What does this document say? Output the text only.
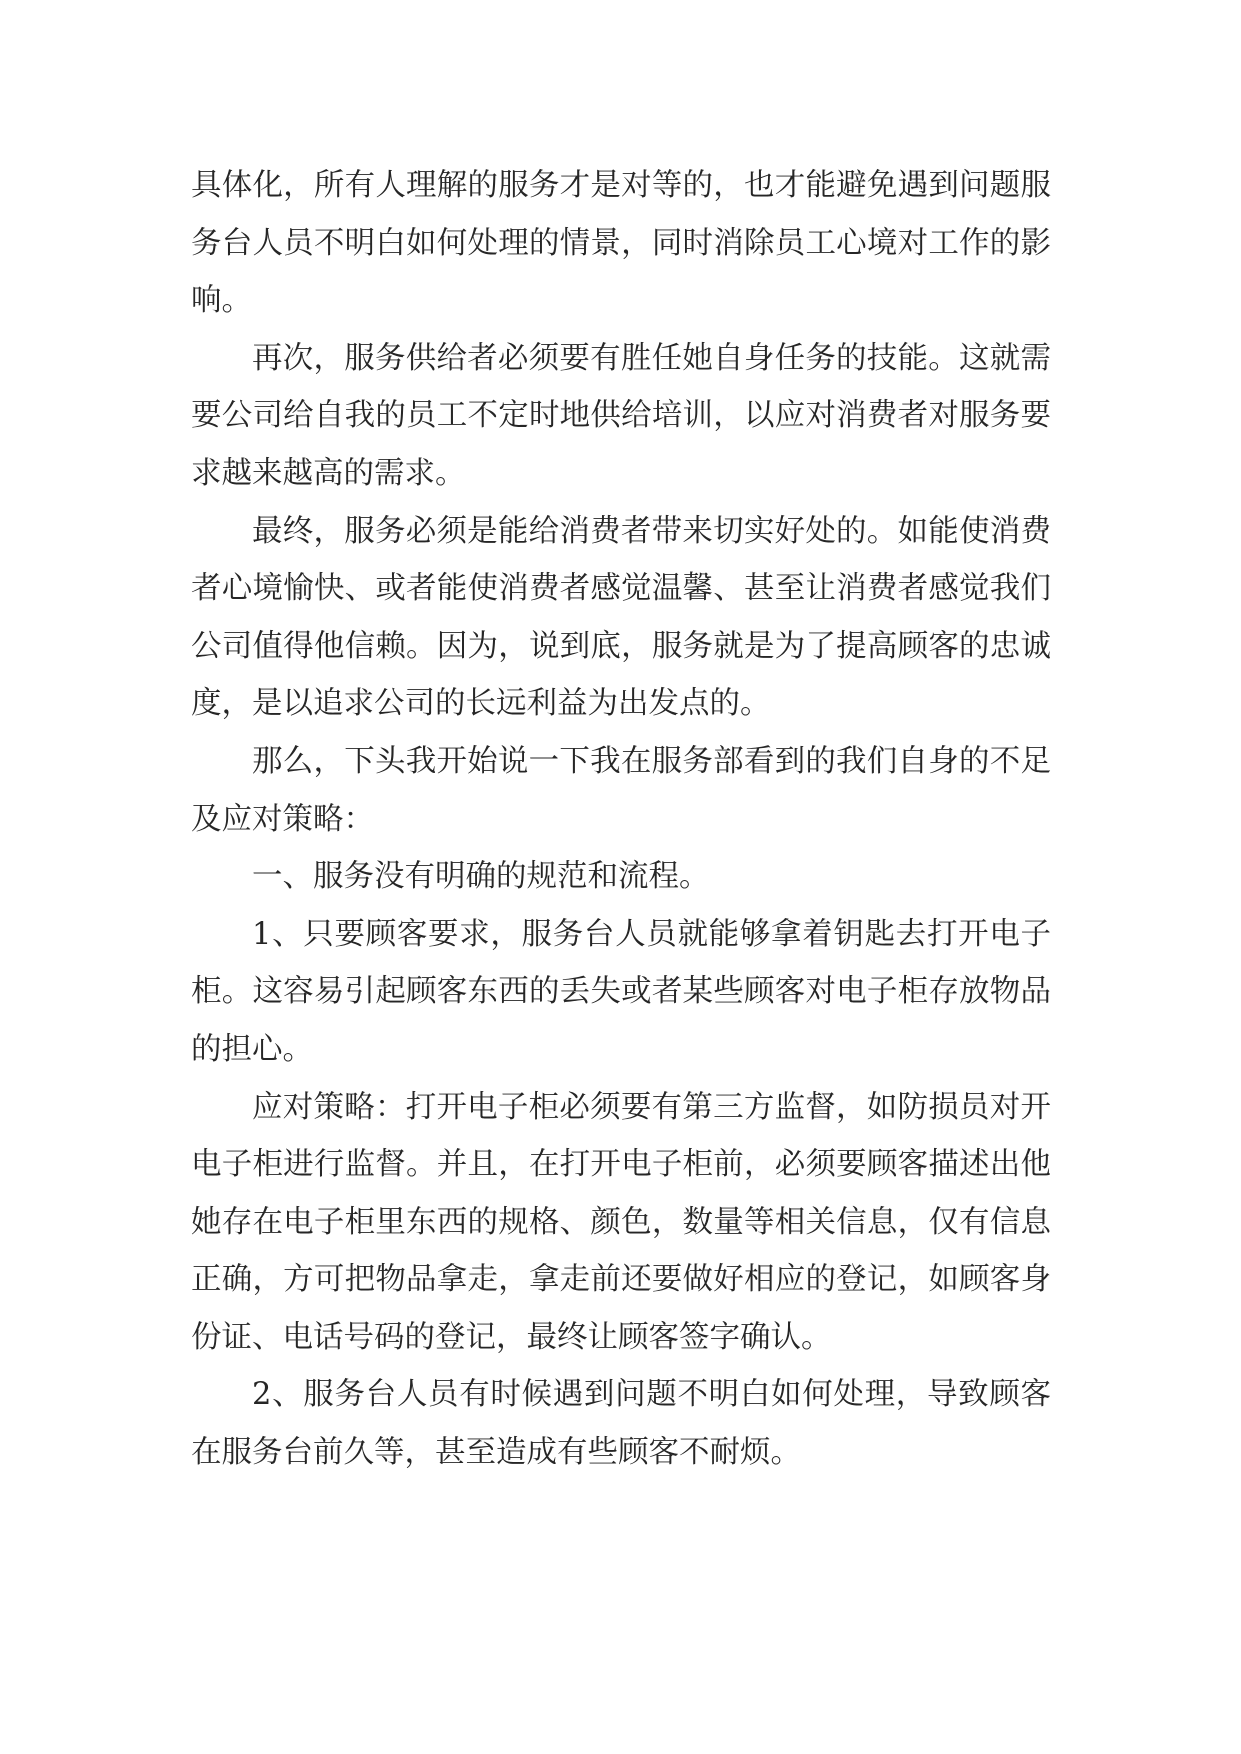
具体化，所有人理解的服务才是对等的，也才能避免遇到问题服务台人员不明白如何处理的情景，同时消除员工心境对工作的影响。

再次，服务供给者必须要有胜任她自身任务的技能。这就需要公司给自我的员工不定时地供给培训，以应对消费者对服务要求越来越高的需求。

最终，服务必须是能给消费者带来切实好处的。如能使消费者心境愉快、或者能使消费者感觉温馨、甚至让消费者感觉我们公司值得他信赖。因为，说到底，服务就是为了提高顾客的忠诚度，是以追求公司的长远利益为出发点的。

那么，下头我开始说一下我在服务部看到的我们自身的不足及应对策略：

一、服务没有明确的规范和流程。

1、只要顾客要求，服务台人员就能够拿着钥匙去打开电子柜。这容易引起顾客东西的丢失或者某些顾客对电子柜存放物品的担心。

应对策略：打开电子柜必须要有第三方监督，如防损员对开电子柜进行监督。并且，在打开电子柜前，必须要顾客描述出他她存在电子柜里东西的规格、颜色，数量等相关信息，仅有信息正确，方可把物品拿走，拿走前还要做好相应的登记，如顾客身份证、电话号码的登记，最终让顾客签字确认。

2、服务台人员有时候遇到问题不明白如何处理，导致顾客在服务台前久等，甚至造成有些顾客不耐烦。
